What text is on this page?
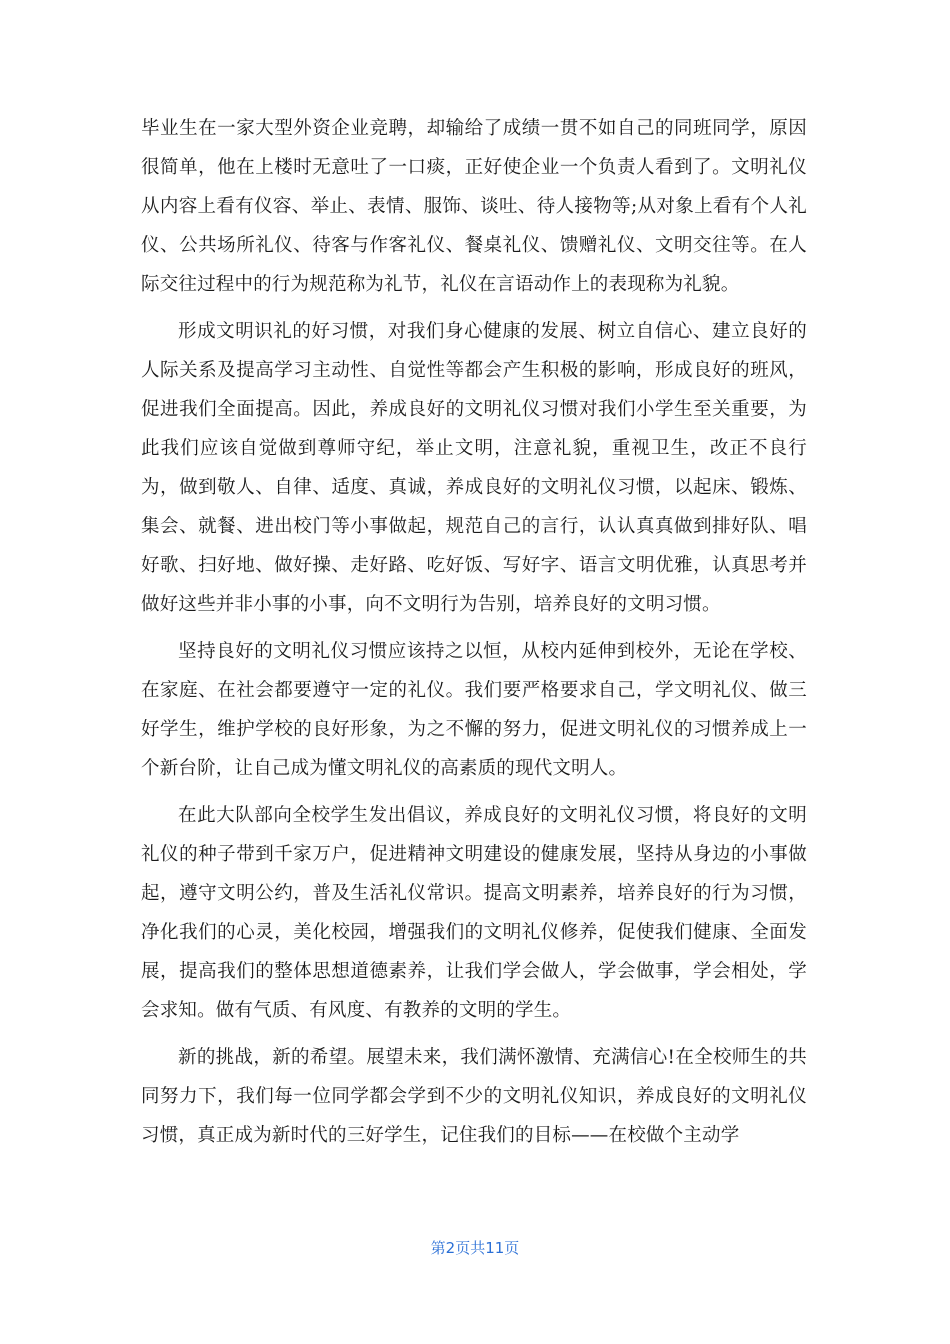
毕业生在一家大型外资企业竞聘，却输给了成绩一贯不如自己的同班同学，原因很简单，他在上楼时无意吐了一口痰，正好使企业一个负责人看到了。文明礼仪从内容上看有仪容、举止、表情、服饰、谈吐、待人接物等;从对象上看有个人礼仪、公共场所礼仪、待客与作客礼仪、餐桌礼仪、馈赠礼仪、文明交往等。在人际交往过程中的行为规范称为礼节，礼仪在言语动作上的表现称为礼貌。

形成文明识礼的好习惯，对我们身心健康的发展、树立自信心、建立良好的人际关系及提高学习主动性、自觉性等都会产生积极的影响，形成良好的班风，促进我们全面提高。因此，养成良好的文明礼仪习惯对我们小学生至关重要，为此我们应该自觉做到尊师守纪，举止文明，注意礼貌，重视卫生，改正不良行为，做到敬人、自律、适度、真诚，养成良好的文明礼仪习惯，以起床、锻炼、集会、就餐、进出校门等小事做起，规范自己的言行，认认真真做到排好队、唱好歌、扫好地、做好操、走好路、吃好饭、写好字、语言文明优雅，认真思考并做好这些并非小事的小事，向不文明行为告别，培养良好的文明习惯。

坚持良好的文明礼仪习惯应该持之以恒，从校内延伸到校外，无论在学校、在家庭、在社会都要遵守一定的礼仪。我们要严格要求自己，学文明礼仪、做三好学生，维护学校的良好形象，为之不懈的努力，促进文明礼仪的习惯养成上一个新台阶，让自己成为懂文明礼仪的高素质的现代文明人。

在此大队部向全校学生发出倡议，养成良好的文明礼仪习惯，将良好的文明礼仪的种子带到千家万户，促进精神文明建设的健康发展，坚持从身边的小事做起，遵守文明公约，普及生活礼仪常识。提高文明素养，培养良好的行为习惯，净化我们的心灵，美化校园，增强我们的文明礼仪修养，促使我们健康、全面发展，提高我们的整体思想道德素养，让我们学会做人，学会做事，学会相处，学会求知。做有气质、有风度、有教养的文明的学生。

新的挑战，新的希望。展望未来，我们满怀激情、充满信心!在全校师生的共同努力下，我们每一位同学都会学到不少的文明礼仪知识，养成良好的文明礼仪习惯，真正成为新时代的三好学生，记住我们的目标——在校做个主动学

第2页共11页
